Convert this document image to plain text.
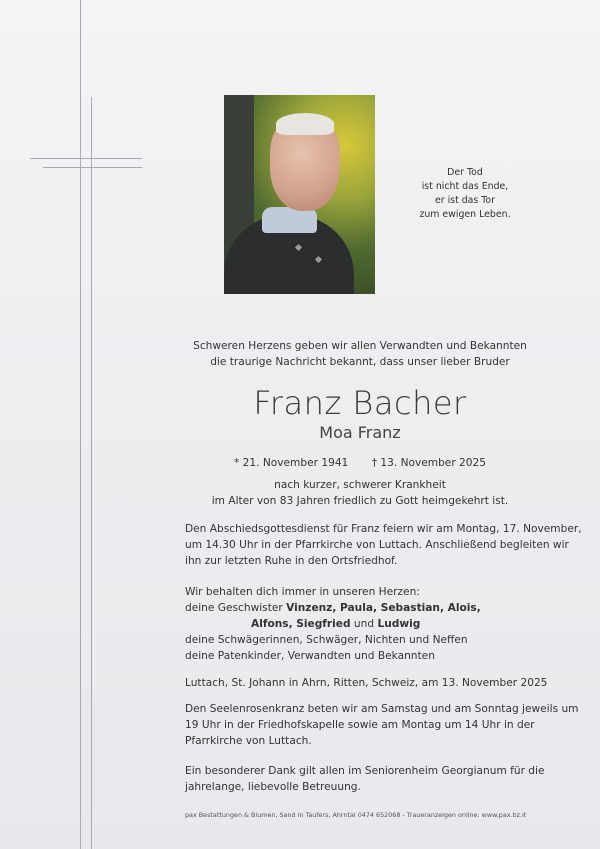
Der Tod
ist nicht das Ende,
er ist das Tor
zum ewigen Leben.
Schweren Herzens geben wir allen Verwandten und Bekannten
die traurige Nachricht bekannt, dass unser lieber Bruder
Franz Bacher
Moa Franz
* 21. November 1941 † 13. November 2025
nach kurzer, schwerer Krankheit
im Alter von 83 Jahren friedlich zu Gott heimgekehrt ist.
Den Abschiedsgottesdienst für Franz feiern wir am Montag, 17. November,
um 14.30 Uhr in der Pfarrkirche von Luttach. Anschließend begleiten wir
ihn zur letzten Ruhe in den Ortsfriedhof.
Wir behalten dich immer in unseren Herzen:
deine Geschwister Vinzenz, Paula, Sebastian, Alois,
Alfons, Siegfried und Ludwig
deine Schwägerinnen, Schwäger, Nichten und Neffen
deine Patenkinder, Verwandten und Bekannten
Luttach, St. Johann in Ahrn, Ritten, Schweiz, am 13. November 2025
Den Seelenrosenkranz beten wir am Samstag und am Sonntag jeweils um
19 Uhr in der Friedhofskapelle sowie am Montag um 14 Uhr in der
Pfarrkirche von Luttach.
Ein besonderer Dank gilt allen im Seniorenheim Georgianum für die
jahrelange, liebevolle Betreuung.
pax Bestattungen & Blumen, Sand in Taufers, Ahrntal 0474 652068 - Traueranzeigen online: www.pax.bz.it
